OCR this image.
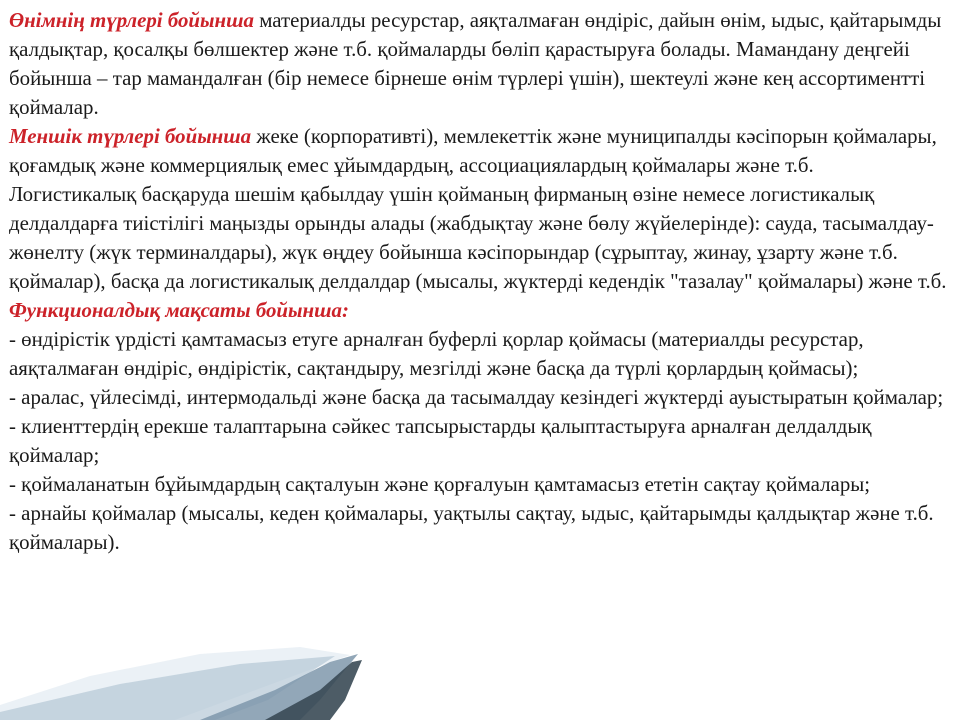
Өнімнің түрлері бойынша материалды ресурстар, аяқталмаған өндіріс, дайын өнім, ыдыс, қайтарымды қалдықтар, қосалқы бөлшектер және т.б. қоймаларды бөліп қарастыруға болады. Мамандану деңгейі бойынша – тар мамандалған (бір немесе бірнеше өнім түрлері үшін), шектеулі және кең ассортименттi қоймалар.

Меншік түрлері бойынша жеке (корпоративті), мемлекеттік және муниципалды кәсіпорын қоймалары, қоғамдық және коммерциялық емес ұйымдардың, ассоциациялардың қоймалары және т.б.

Логистикалық басқаруда шешім қабылдау үшін қойманың фирманың өзіне немесе логистикалық делдалдарға тиістілігі маңызды орынды алады (жабдықтау және бөлу жүйелерінде): сауда, тасымалдау-жөнелту (жүк терминалдары), жүк өңдеу бойынша кәсіпорындар (сұрыптау, жинау, ұзарту және т.б. қоймалар), басқа да логистикалық делдалдар (мысалы, жүктерді кедендік "тазалау" қоймалары) және т.б.

Функционалдық мақсаты бойынша:

- өндірістік үрдісті қамтамасыз етуге арналған буферлі қорлар қоймасы (материалды ресурстар, аяқталмаған өндіріс, өндірістік, сақтандыру, мезгілді және басқа да түрлі қорлардың қоймасы);

- аралас, үйлесімді, интермодальді және басқа да тасымалдау кезіндегі жүктерді ауыстыратын қоймалар;

- клиенттердің ерекше талаптарына сәйкес тапсырыстарды қалыптастыруға арналған делдалдық қоймалар;

- қоймаланатын бұйымдардың сақталуын және қорғалуын қамтамасыз ететін сақтау қоймалары;

- арнайы қоймалар (мысалы, кеден қоймалары, уақтылы сақтау, ыдыс, қайтарымды қалдықтар және т.б. қоймалары).
